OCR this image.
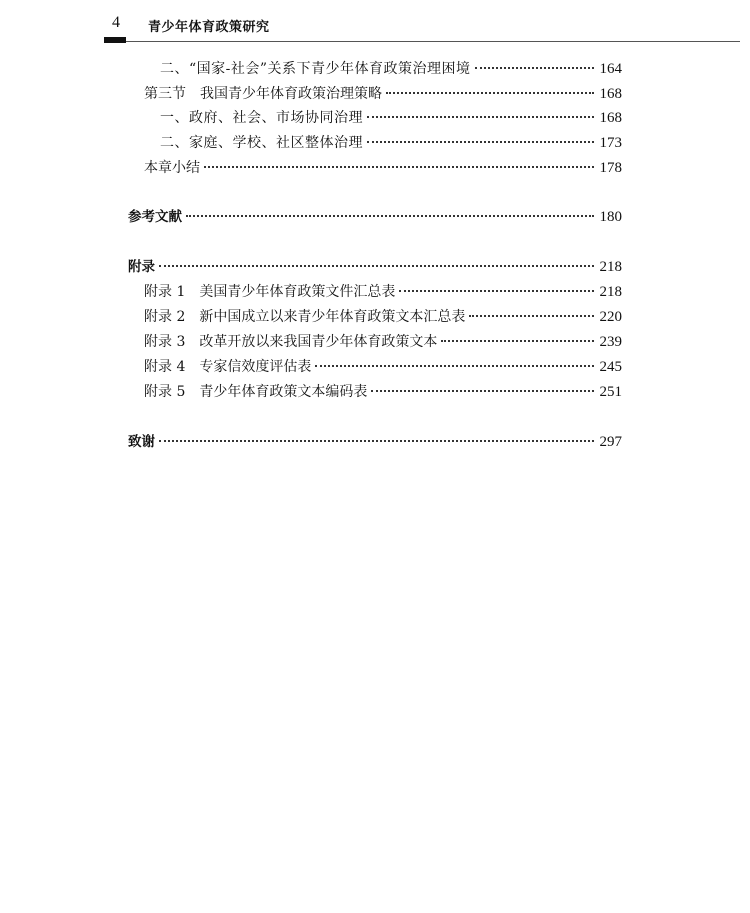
4 青少年体育政策研究
二、“国家-社会”关系下青少年体育政策治理困境	164
第三节　我国青少年体育政策治理策略	168
一、政府、社会、市场协同治理	168
二、家庭、学校、社区整体治理	173
本章小结	178
参考文献	180
附录	218
附录 1　美国青少年体育政策文件汇总表	218
附录 2　新中国成立以来青少年体育政策文本汇总表	220
附录 3　改革开放以来我国青少年体育政策文本	239
附录 4　专家信效度评估表	245
附录 5　青少年体育政策文本编码表	251
致谢	297
